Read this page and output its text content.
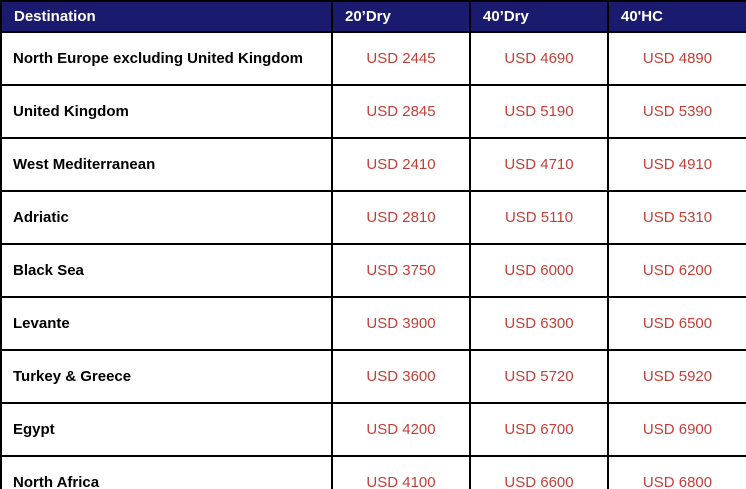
Destination	20’Dry	40’Dry	40'HC
North Europe excluding United Kingdom	USD 2445	USD 4690	USD 4890
United Kingdom	USD 2845	USD 5190	USD 5390
West Mediterranean	USD 2410	USD 4710	USD 4910
Adriatic	USD 2810	USD 5110	USD 5310
Black Sea	USD 3750	USD 6000	USD 6200
Levante	USD 3900	USD 6300	USD 6500
Turkey & Greece	USD 3600	USD 5720	USD 5920
Egypt	USD 4200	USD 6700	USD 6900
North Africa	USD 4100	USD 6600	USD 6800
